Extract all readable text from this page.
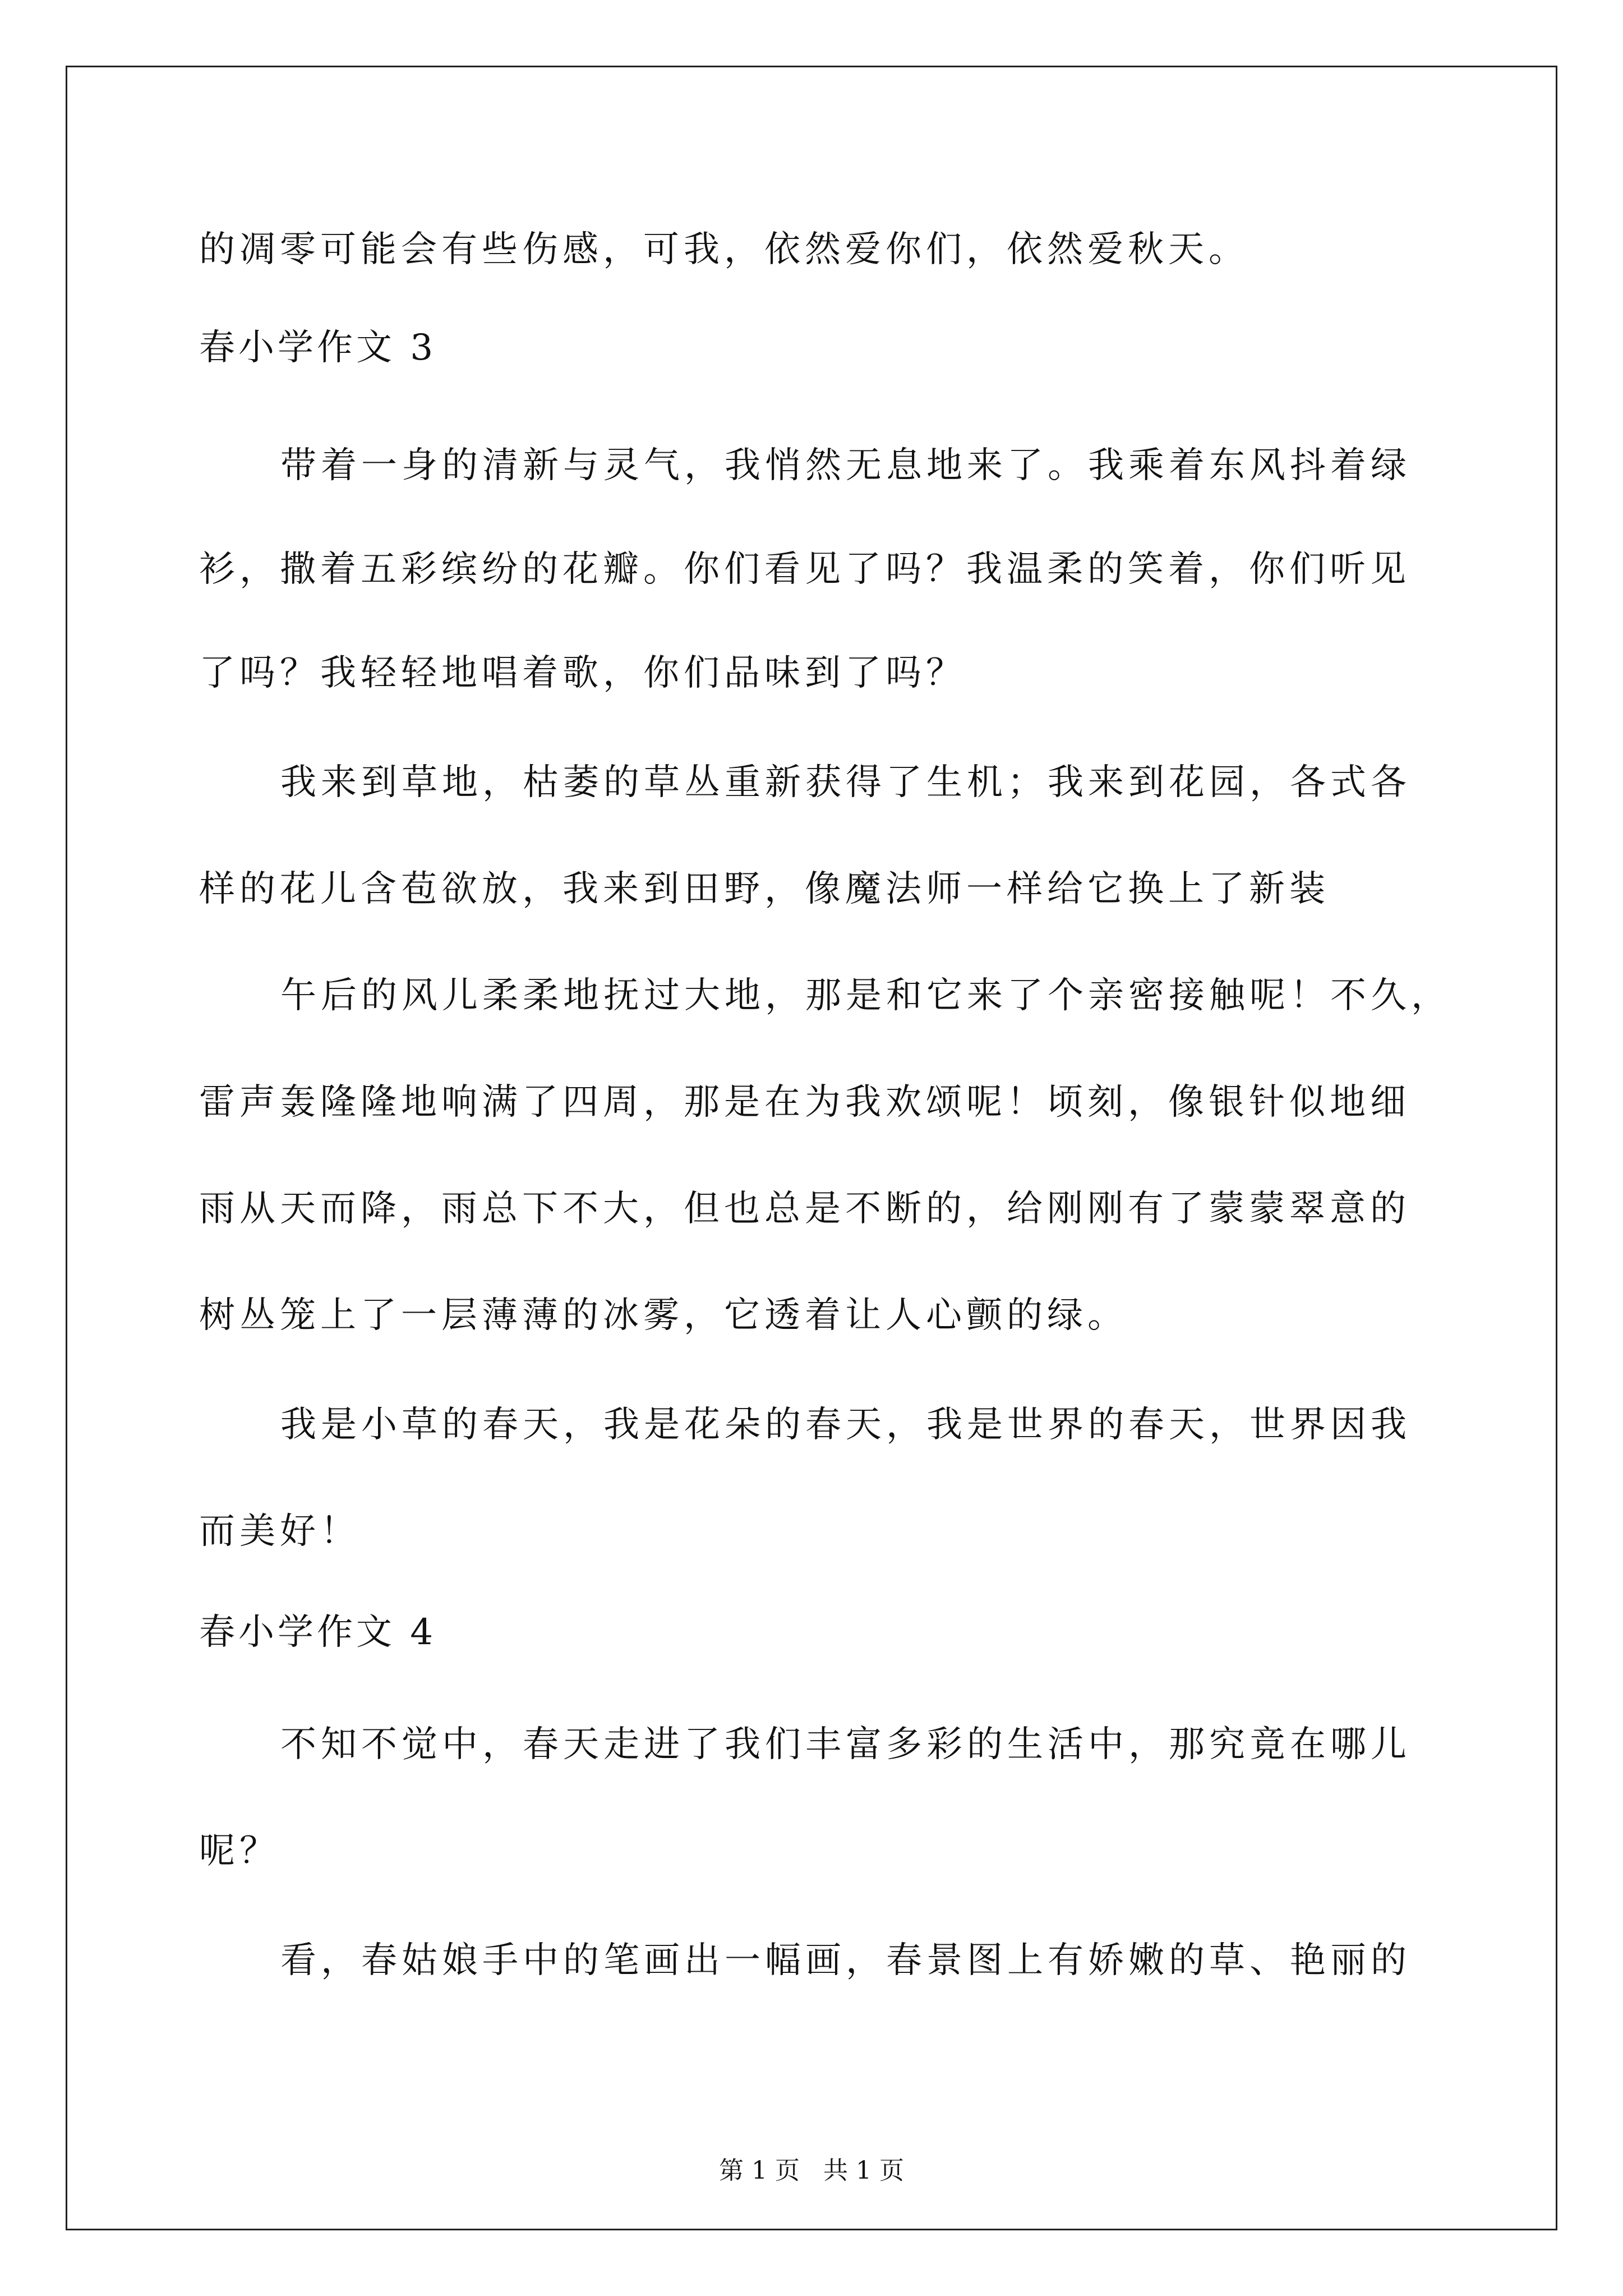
的凋零可能会有些伤感，可我，依然爱你们，依然爱秋天。
春小学作文 3
带着一身的清新与灵气，我悄然无息地来了。我乘着东风抖着绿
衫，撒着五彩缤纷的花瓣。你们看见了吗？我温柔的笑着，你们听见
了吗？我轻轻地唱着歌，你们品味到了吗？
我来到草地，枯萎的草丛重新获得了生机；我来到花园，各式各
样的花儿含苞欲放，我来到田野，像魔法师一样给它换上了新装
午后的风儿柔柔地抚过大地，那是和它来了个亲密接触呢！不久，
雷声轰隆隆地响满了四周，那是在为我欢颂呢！顷刻，像银针似地细
雨从天而降，雨总下不大，但也总是不断的，给刚刚有了蒙蒙翠意的
树丛笼上了一层薄薄的冰雾，它透着让人心颤的绿。
我是小草的春天，我是花朵的春天，我是世界的春天，世界因我
而美好！
春小学作文 4
不知不觉中，春天走进了我们丰富多彩的生活中，那究竟在哪儿
呢？
看，春姑娘手中的笔画出一幅画，春景图上有娇嫩的草、艳丽的
第 1 页   共 1 页
